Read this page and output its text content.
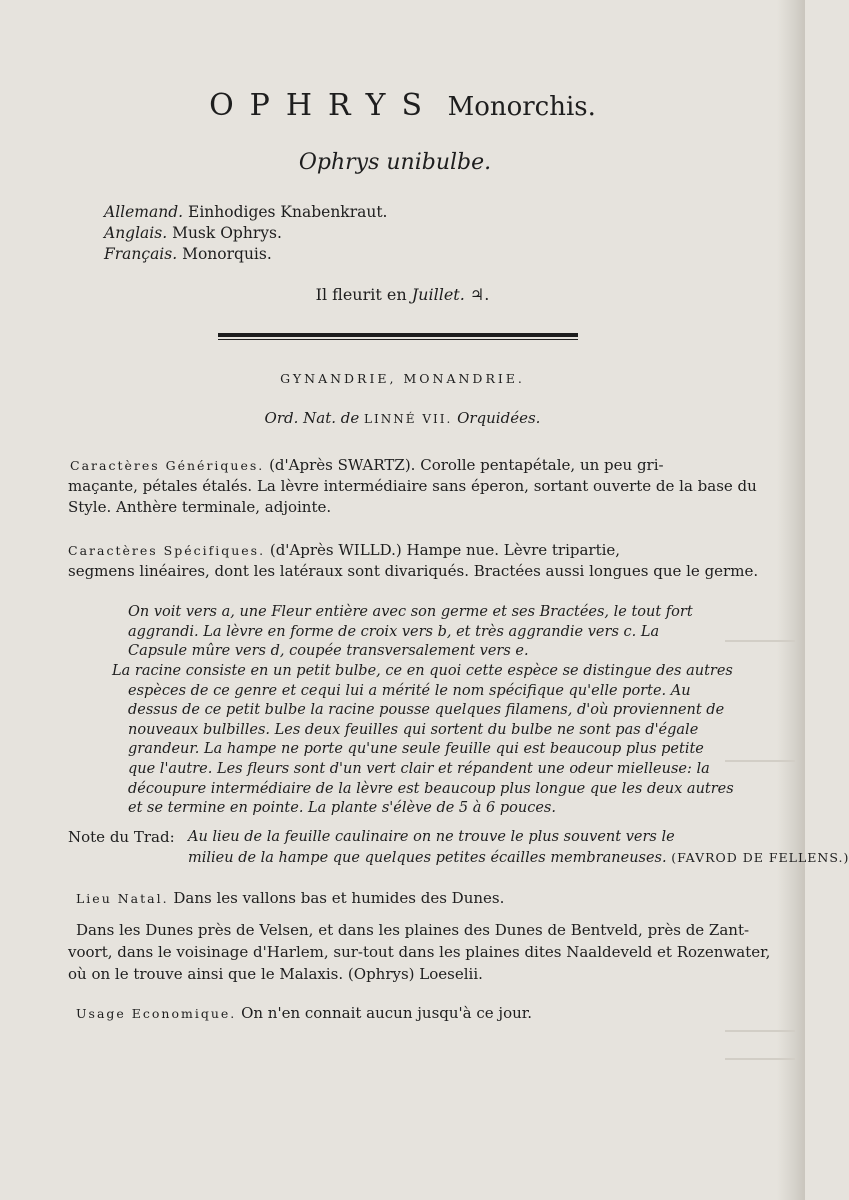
OPHRYS Monorchis.
Ophrys unibulbe.
Allemand. Einhodiges Knabenkraut.
Anglais. Musk Ophrys.
Français. Monorquis.
Il fleurit en Juillet. ♃.
GYNANDRIE, MONANDRIE.
Ord. Nat. de LINNÉ VII. Orquidées.
Caractères Génériques. (d'Après SWARTZ). Corolle pentapétale, un peu gri-
maçante, pétales étalés. La lèvre intermédiaire sans éperon, sortant ouverte de la base du
Style. Anthère terminale, adjointe.
Caractères Spécifiques. (d'Après WILLD.) Hampe nue. Lèvre tripartie,
segmens linéaires, dont les latéraux sont divariqués. Bractées aussi longues que le germe.
On voit vers a, une Fleur entière avec son germe et ses Bractées, le tout fort
aggrandi. La lèvre en forme de croix vers b, et très aggrandie vers c. La
Capsule mûre vers d, coupée transversalement vers e.
La racine consiste en un petit bulbe, ce en quoi cette espèce se distingue des autres
espèces de ce genre et cequi lui a mérité le nom spécifique qu'elle porte. Au
dessus de ce petit bulbe la racine pousse quelques filamens, d'où proviennent de
nouveaux bulbilles. Les deux feuilles qui sortent du bulbe ne sont pas d'égale
grandeur. La hampe ne porte qu'une seule feuille qui est beaucoup plus petite
que l'autre. Les fleurs sont d'un vert clair et répandent une odeur mielleuse: la
découpure intermédiaire de la lèvre est beaucoup plus longue que les deux autres
et se termine en pointe. La plante s'élève de 5 à 6 pouces.
Note du Trad: Au lieu de la feuille caulinaire on ne trouve le plus souvent vers le
milieu de la hampe que quelques petites écailles membraneuses. (FAVROD DE FELLENS.)
Lieu Natal. Dans les vallons bas et humides des Dunes.
Dans les Dunes près de Velsen, et dans les plaines des Dunes de Bentveld, près de Zant-
voort, dans le voisinage d'Harlem, sur-tout dans les plaines dites Naaldeveld et Rozenwater,
où on le trouve ainsi que le Malaxis. (Ophrys) Loeselii.
Usage Economique. On n'en connait aucun jusqu'à ce jour.
